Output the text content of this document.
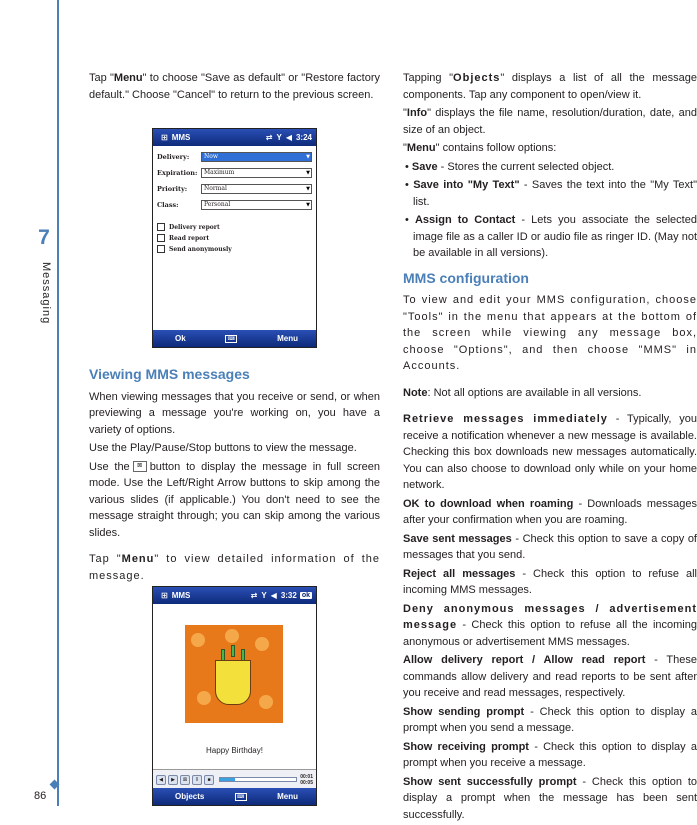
7
Messaging
86

Tap "Menu" to choose "Save as default" or "Restore factory default." Choose "Cancel" to return to the previous screen.

⊞ MMS	⇄ Y ◀ 3:24
Delivery:	Now ▼
Expiration:	Maximum ▼
Priority:	Normal ▼
Class:	Personal ▼
Delivery report
Read report
Send anonymously
Ok	⌨	Menu
Viewing MMS messages

When viewing messages that you receive or send, or when previewing a message you're working on, you have a variety of options.

Use the Play/Pause/Stop buttons to view the message.

Use the ⊠ button to display the message in full screen mode. Use the Left/Right Arrow buttons to skip among the various slides (if applicable.) You don't need to see the message straight through; you can skip among the various slides.

Tap "Menu" to view detailed information of the message.

⊞ MMS	⇄ Y ◀ 3:32 ok
Happy Birthday!
◀	▶	⊠	‖	■	00:01
00:05
Objects	⌨	Menu

Tapping "Objects" displays a list of all the message components. Tap any component to open/view it.

"Info" displays the file name, resolution/duration, date, and size of an object.

"Menu" contains follow options:

• Save - Stores the current selected object.

• Save into "My Text" - Saves the text into the "My Text" list.

• Assign to Contact - Lets you associate the selected image file as a caller ID or audio file as ringer ID. (May not be available in all versions).

MMS configuration

To view and edit your MMS configuration, choose "Tools" in the menu that appears at the bottom of the screen while viewing any message box, choose "Options", and then choose "MMS" in Accounts.

Note: Not all options are available in all versions.

Retrieve messages immediately - Typically, you receive a notification whenever a new message is available. Checking this box downloads new messages automatically. You can also choose to download only while on your home network.

OK to download when roaming - Downloads messages after your confirmation when you are roaming.

Save sent messages - Check this option to save a copy of messages that you send.

Reject all messages - Check this option to refuse all incoming MMS messages.

Deny anonymous messages / advertisement message - Check this option to refuse all the incoming anonymous or advertisement MMS messages.

Allow delivery report / Allow read report - These commands allow delivery and read reports to be sent after you receive and read messages, respectively.

Show sending prompt - Check this option to display a prompt when you send a message.

Show receiving prompt - Check this option to display a prompt when you receive a message.

Show sent successfully prompt - Check this option to display a prompt when the message has been sent successfully.
